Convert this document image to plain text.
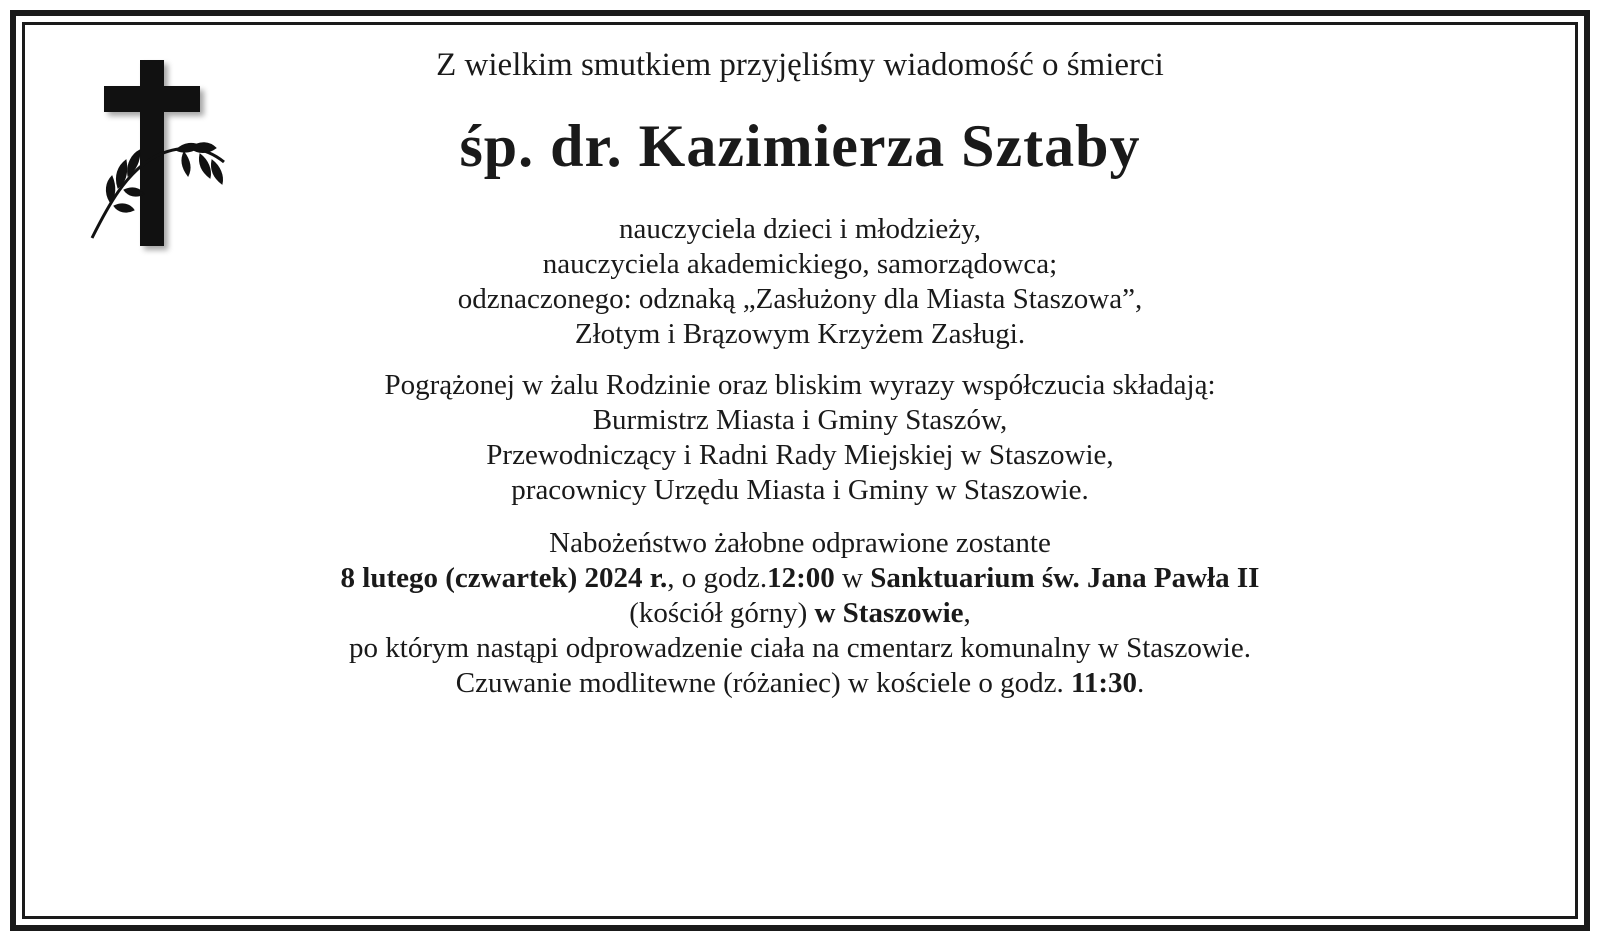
Z wielkim smutkiem przyjęliśmy wiadomość o śmierci

śp. dr. Kazimierza Sztaby
nauczyciela dzieci i młodzieży,
nauczyciela akademickiego, samorządowca;
odznaczonego: odznaką „Zasłużony dla Miasta Staszowa”,
Złotym i Brązowym Krzyżem Zasługi.
Pogrążonej w żalu Rodzinie oraz bliskim wyrazy współczucia składają:
Burmistrz Miasta i Gminy Staszów,
Przewodniczący i Radni Rady Miejskiej w Staszowie,
pracownicy Urzędu Miasta i Gminy w Staszowie.
Nabożeństwo żałobne odprawione zostante
8 lutego (czwartek) 2024 r., o godz.12:00 w Sanktuarium św. Jana Pawła II
(kościół górny) w Staszowie,
po którym nastąpi odprowadzenie ciała na cmentarz komunalny w Staszowie.
Czuwanie modlitewne (różaniec) w kościele o godz. 11:30.
